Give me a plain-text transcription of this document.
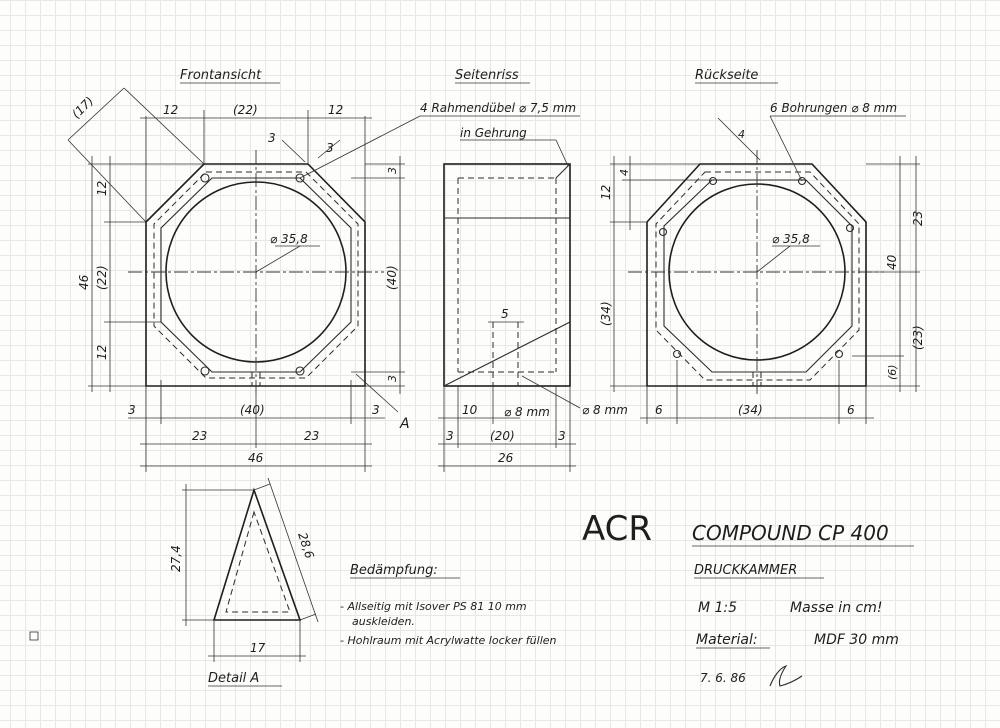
Frontansicht
⌀ 35,8
4 Rahmendübel ⌀ 7,5 mm
12	(22)	12
(17)
3
3
12
(22)
12
46
3
(40)
3
3	(40)	3
23	23
46
A
Seitenriss
5
in Gehrung
10 ⌀ 8 mm	⌀ 8 mm
3	(20)	3
26
Rückseite
6 Bohrungen ⌀ 8 mm
⌀ 35,8
4
4
12
(34)
40
(6)
23
(23)
6	(34)	6
27,4	28,6
17
Detail A
Bedämpfung:
- Allseitig mit Isover PS 81 10 mm
auskleiden.
- Hohlraum mit Acrylwatte locker füllen
ACR COMPOUND CP 400
DRUCKKAMMER
M 1:5	Masse in cm!
Material:	MDF 30 mm
7. 6. 86
